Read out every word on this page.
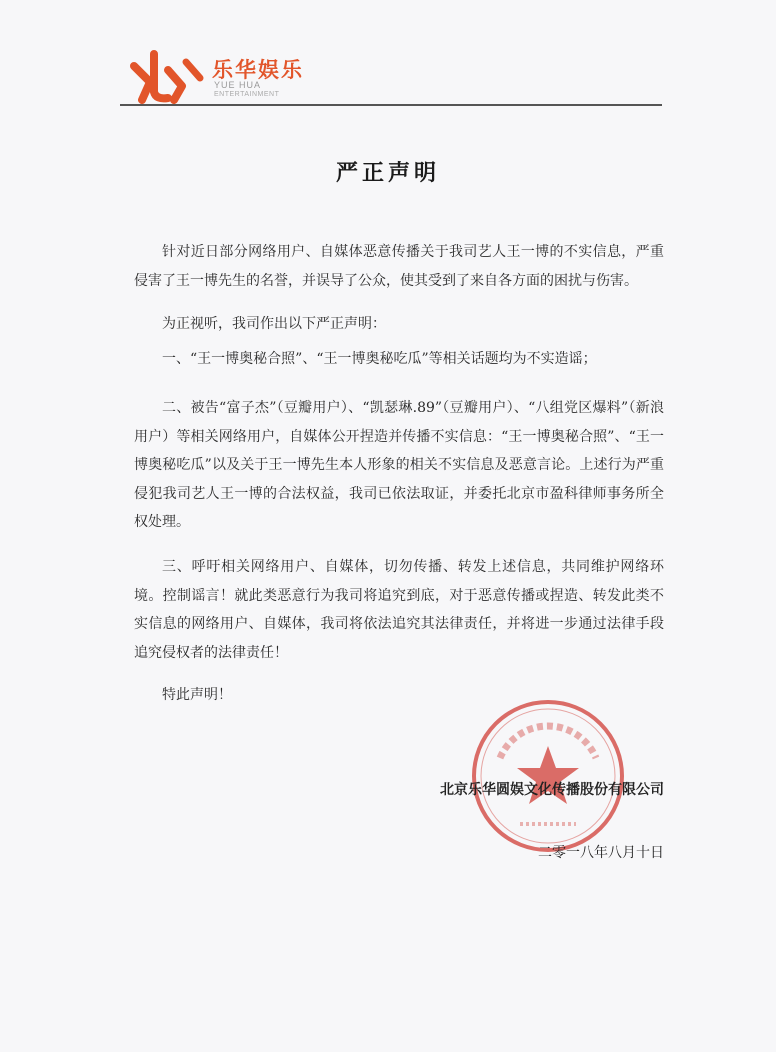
乐华娱乐
YUE HUA
ENTERTAINMENT
严正声明
针对近日部分网络用户、自媒体恶意传播关于我司艺人王一博的不实信息，严重侵害了王一博先生的名誉，并误导了公众，使其受到了来自各方面的困扰与伤害。
为正视听，我司作出以下严正声明：
一、“王一博奥秘合照”、“王一博奥秘吃瓜”等相关话题均为不实造谣；
二、被告“富子杰”（豆瓣用户）、“凯瑟琳.89”（豆瓣用户）、“八组党区爆料”（新浪用户）等相关网络用户，自媒体公开捏造并传播不实信息：“王一博奥秘合照”、“王一博奥秘吃瓜”以及关于王一博先生本人形象的相关不实信息及恶意言论。上述行为严重侵犯我司艺人王一博的合法权益，我司已依法取证，并委托北京市盈科律师事务所全权处理。
三、呼吁相关网络用户、自媒体，切勿传播、转发上述信息，共同维护网络环境。控制谣言！就此类恶意行为我司将追究到底，对于恶意传播或捏造、转发此类不实信息的网络用户、自媒体，我司将依法追究其法律责任，并将进一步通过法律手段追究侵权者的法律责任！
特此声明！
北京乐华圆娱文化传播股份有限公司
二零一八年八月十日
